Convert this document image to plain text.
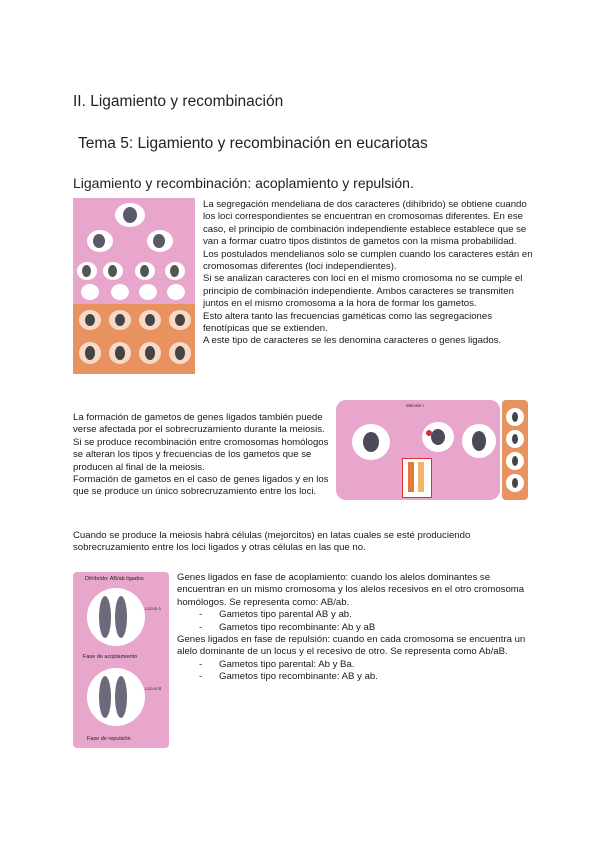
II. Ligamiento y recombinación
Tema 5: Ligamiento y recombinación en eucariotas
Ligamiento y recombinación: acoplamiento y repulsión.

La segregación mendeliana de dos caracteres (dihíbrido) se obtiene cuando los loci correspondientes se encuentran en cromosomas diferentes. En ese caso, el principio de combinación independiente establece establece que se van a formar cuatro tipos distintos de gametos con la misma probabilidad.

Los postulados mendelianos solo se cumplen cuando los caracteres están en cromosomas diferentes (loci independientes).

Si se analizan caracteres con loci en el mismo cromosoma no se cumple el principio de combinación independiente. Ambos caracteres se transmiten juntos en el mismo cromosoma a la hora de formar los gametos.

Esto altera tanto las frecuencias gaméticas como las segregaciones fenotípicas que se extienden.

A este tipo de caracteres se les denomina caracteres o genes ligados.

La formación de gametos de genes ligados también puede verse afectada por el sobrecruzamiento durante la meiosis. Si se produce recombinación entre cromosomas homólogos se alteran los tipos y frecuencias de los gametos que se producen al final de la meiosis.

Formación de gametos en el caso de genes ligados y en los que se produce un único sobrecruzamiento entre los loci.

Cuando se produce la meiosis habrá células (mejorcitos) en latas cuales se esté produciendo sobrecruzamiento entre los loci ligados y otras células en las que no.
Meiosis I
Dihíbrido: AB/ab ligados
Locus A
Fase de acoplamiento
Locus B
Fase de repulsión

Genes ligados en fase de acoplamiento: cuando los alelos dominantes se encuentran en un mismo cromosoma y los alelos recesivos en el otro cromosoma homólogos. Se representa como: AB/ab.

- Gametos tipo parental AB y ab.
- Gametos tipo recombinante: Ab y aB

Genes ligados en fase de repulsión: cuando en cada cromosoma se encuentra un alelo dominante de un locus y el recesivo de otro. Se representa como Ab/aB.

- Gametos tipo parental: Ab y Ba.
- Gametos tipo recombinante: AB y ab.
